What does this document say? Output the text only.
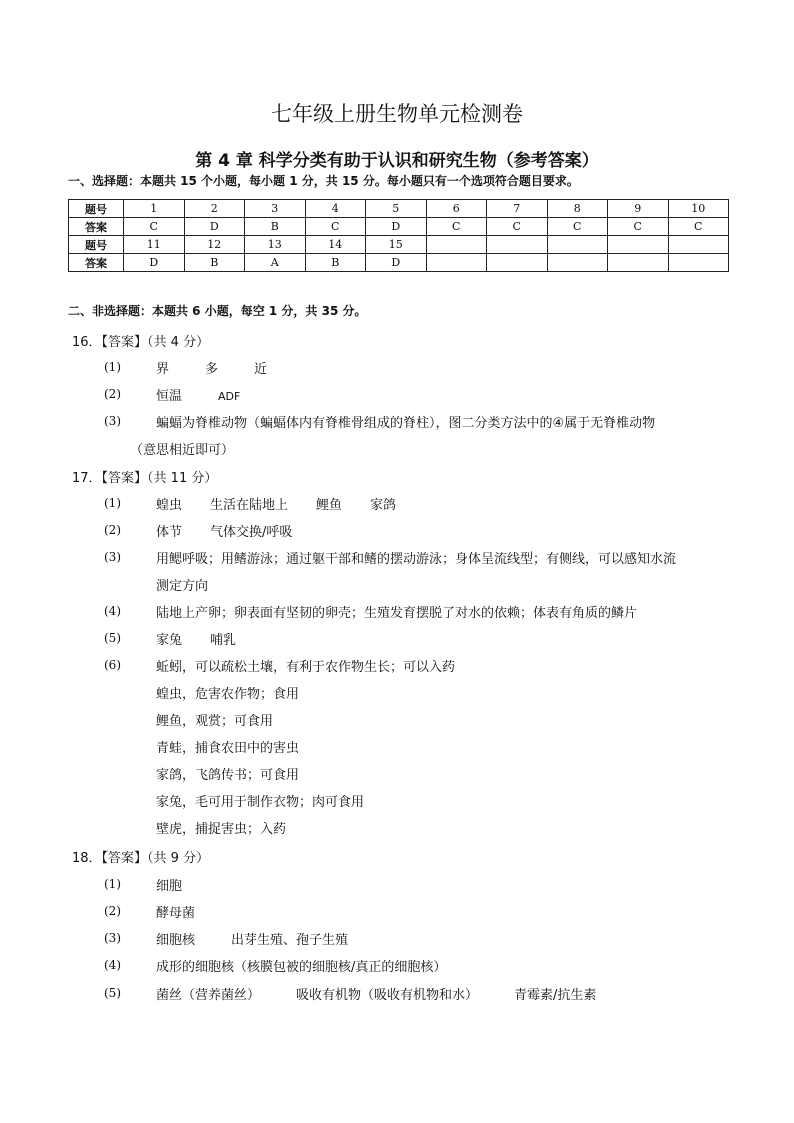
七年级上册生物单元检测卷
第 4 章 科学分类有助于认识和研究生物（参考答案）
一、选择题：本题共 15 个小题，每小题 1 分，共 15 分。每小题只有一个选项符合题目要求。
题号	1	2	3	4	5	6	7	8	9	10
答案	C	D	B	C	D	C	C	C	C	C
题号	11	12	13	14	15					
答案	D	B	A	B	D					
二、非选择题：本题共 6 小题，每空 1 分，共 35 分。
16．【答案】（共 4 分）
(1)	界	多	近
(2)	恒温	ADF
(3)	蝙蝠为脊椎动物（蝙蝠体内有脊椎骨组成的脊柱），图二分类方法中的④属于无脊椎动物
（意思相近即可）
17．【答案】（共 11 分）
(1)	蝗虫 生活在陆地上 鲤鱼 家鸽
(2)	体节 气体交换/呼吸
(3)	用鳃呼吸；用鳍游泳；通过躯干部和鳍的摆动游泳；身体呈流线型；有侧线，可以感知水流
测定方向
(4)	陆地上产卵；卵表面有坚韧的卵壳；生殖发育摆脱了对水的依赖；体表有角质的鳞片
(5)	家兔 哺乳
(6)	蚯蚓，可以疏松土壤，有利于农作物生长；可以入药
蝗虫，危害农作物；食用
鲤鱼，观赏；可食用
青蛙，捕食农田中的害虫
家鸽，飞鸽传书；可食用
家兔，毛可用于制作衣物；肉可食用
壁虎，捕捉害虫；入药
18．【答案】（共 9 分）
(1)	细胞
(2)	酵母菌
(3)	细胞核	出芽生殖、孢子生殖
(4)	成形的细胞核（核膜包被的细胞核/真正的细胞核）
(5)	菌丝（营养菌丝）	吸收有机物（吸收有机物和水）	青霉素/抗生素
